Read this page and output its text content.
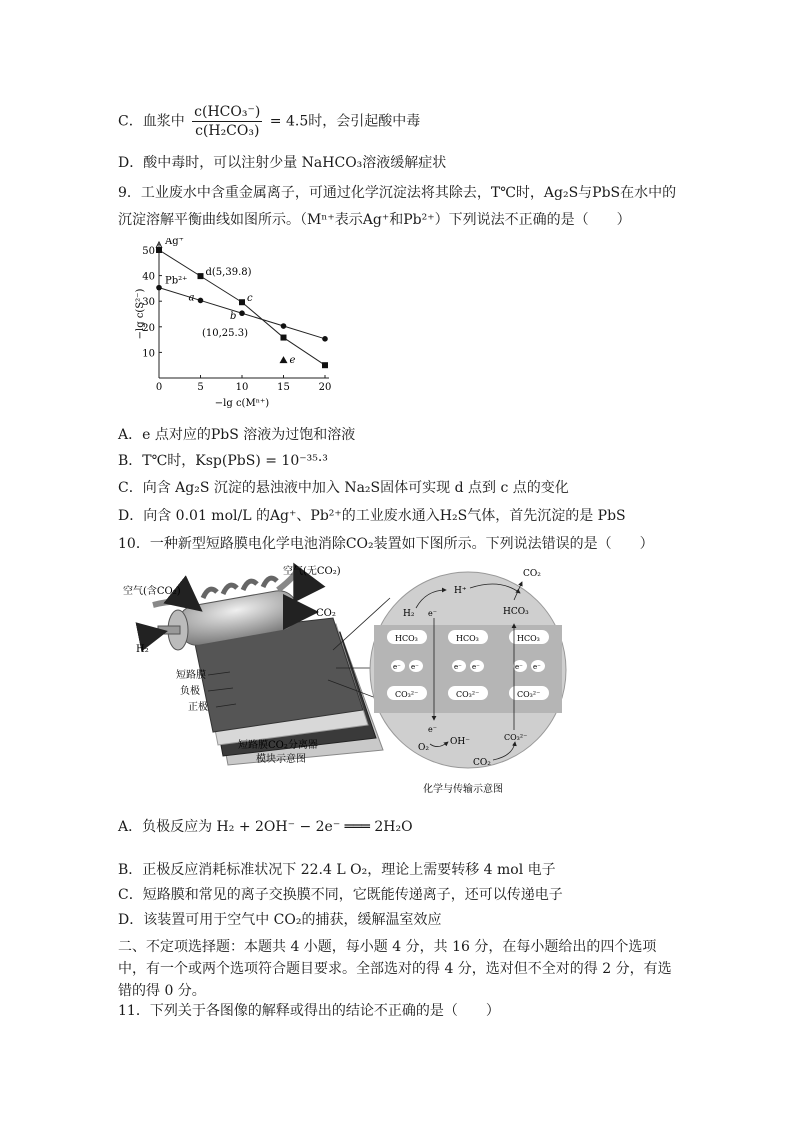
C．血浆中 $\frac{\text{c(HCO₃⁻)}}{\text{c(H₂CO₃)}} = 4.5$时，会引起酸中毒
D．酸中毒时，可以注射少量 NaHCO₃溶液缓解症状
9．工业废水中含重金属离子，可通过化学沉淀法将其除去，T℃时，Ag₂S与PbS在水中的
沉淀溶解平衡曲线如图所示。（Mⁿ⁺表示Ag⁺和Pb²⁺）下列说法不正确的是（　　）
0	5	10	15	20
10
20
30
40
50
−lg c(Mⁿ⁺)
−lg c(S²⁻)
Ag⁺
Pb²⁺
d(5,39.8)
c
a
b
(10,25.3)
e
A．e 点对应的PbS 溶液为过饱和溶液
B．T℃时，Ksp(PbS) = 10⁻³⁵·³
C．向含 Ag₂S 沉淀的悬浊液中加入 Na₂S固体可实现 d 点到 c 点的变化
D．向含 0.01 mol/L 的Ag⁺、Pb²⁺的工业废水通入H₂S气体，首先沉淀的是 PbS
10．一种新型短路膜电化学电池消除CO₂装置如下图所示。下列说法错误的是（　　）
空气(含CO₂)
空气(无CO₂)
CO₂
H₂
短路膜
负极
正极
短路膜CO₂分离器
模块示意图
HCO₃	HCO₃	HCO₃
CO₃²⁻	CO₃²⁻	CO₃²⁻
e⁻ e⁻	e⁻ e⁻	e⁻ e⁻
H₂ e⁻
H⁺
HCO₃
CO₂
e⁻
O₂
OH⁻	CO₃²⁻
CO₂
化学与传输示意图
A．负极反应为 H₂ + 2OH⁻ − 2e⁻ ═══ 2H₂O
B．正极反应消耗标准状况下 22.4 L O₂，理论上需要转移 4 mol 电子
C．短路膜和常见的离子交换膜不同，它既能传递离子，还可以传递电子
D．该装置可用于空气中 CO₂的捕获，缓解温室效应
二、不定项选择题：本题共 4 小题，每小题 4 分，共 16 分，在每小题给出的四个选项中，有一个或两个选项符合题目要求。全部选对的得 4 分，选对但不全对的得 2 分，有选错的得 0 分。
11．下列关于各图像的解释或得出的结论不正确的是（　　）
